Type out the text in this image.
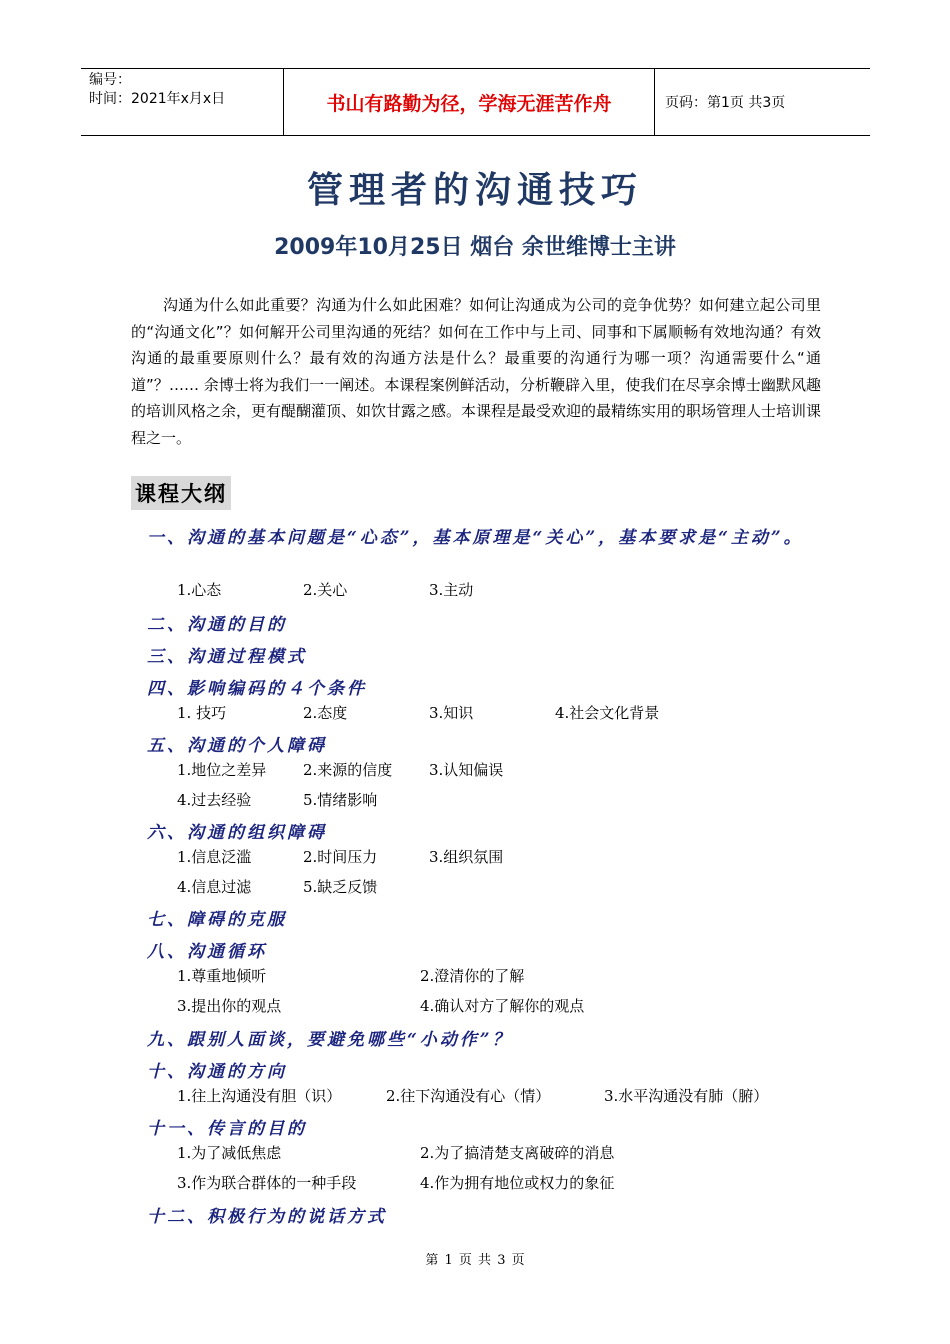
编号：
时间：2021年x月x日	书山有路勤为径，学海无涯苦作舟	页码：第1页 共3页
管理者的沟通技巧
2009年10月25日 烟台 余世维博士主讲
沟通为什么如此重要？沟通为什么如此困难？如何让沟通成为公司的竞争优势？如何建立起公司里的“沟通文化”？如何解开公司里沟通的死结？如何在工作中与上司、同事和下属顺畅有效地沟通？有效沟通的最重要原则什么？最有效的沟通方法是什么？最重要的沟通行为哪一项？沟通需要什么“通道”？…… 余博士将为我们一一阐述。本课程案例鲜活动，分析鞭辟入里，使我们在尽享余博士幽默风趣的培训风格之余，更有醍醐灌顶、如饮甘露之感。本课程是最受欢迎的最精练实用的职场管理人士培训课程之一。
课程大纲
一、沟通的基本问题是“心态”，基本原理是“关心”，基本要求是“主动”。
1.心态	2.关心	3.主动
二、沟通的目的
三、沟通过程模式
四、影响编码的４个条件
1. 技巧	2.态度	3.知识	4.社会文化背景
五、沟通的个人障碍
1.地位之差异 2.来源的信度 3.认知偏误
4.过去经验	5.情绪影响
六、沟通的组织障碍
1.信息泛滥	2.时间压力	3.组织氛围
4.信息过滤	5.缺乏反馈
七、障碍的克服
八、沟通循环
1.尊重地倾听	2.澄清你的了解
3.提出你的观点	4.确认对方了解你的观点
九、跟别人面谈，要避免哪些“小动作”？
十、沟通的方向
1.往上沟通没有胆（识）	2.往下沟通没有心（情）	3.水平沟通没有肺（腑）
十一、传言的目的
1.为了减低焦虑	2.为了搞清楚支离破碎的消息
3.作为联合群体的一种手段	4.作为拥有地位或权力的象征
十二、积极行为的说话方式
第 1 页 共 3 页
